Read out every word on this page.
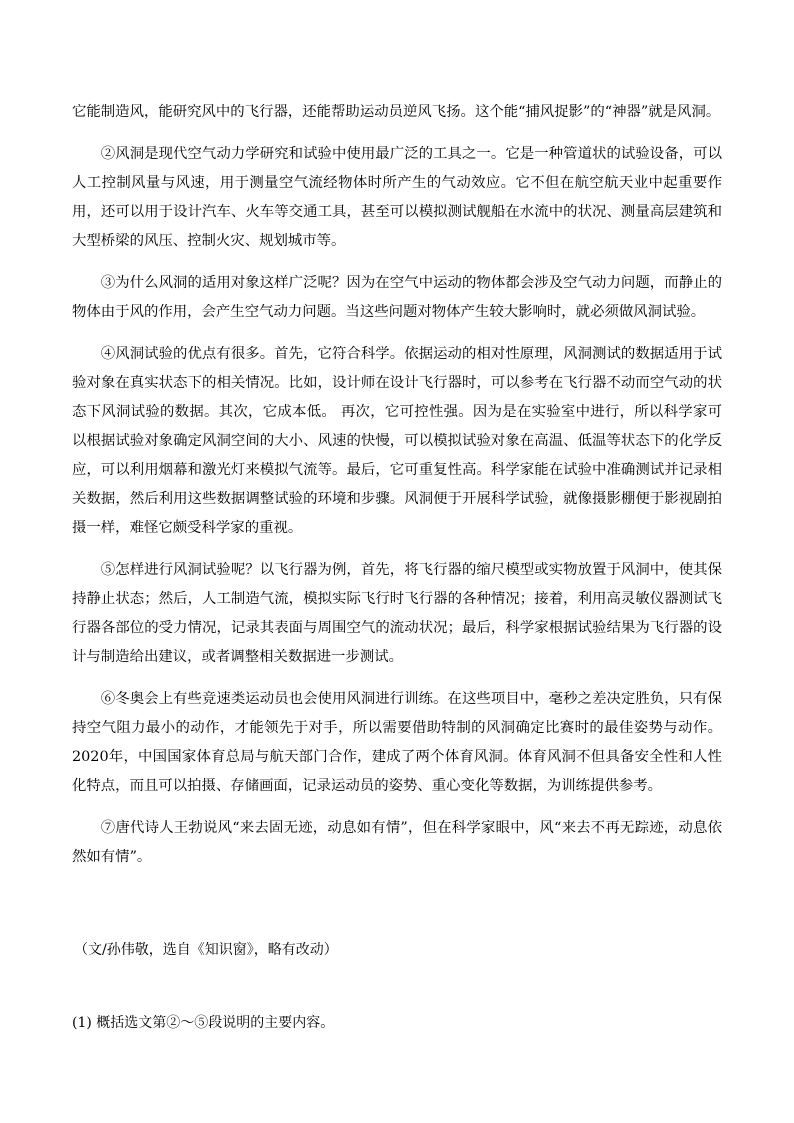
它能制造风，能研究风中的飞行器，还能帮助运动员逆风飞扬。这个能“捕风捉影”的“神器”就是风洞。

②风洞是现代空气动力学研究和试验中使用最广泛的工具之一。它是一种管道状的试验设备，可以人工控制风量与风速，用于测量空气流经物体时所产生的气动效应。它不但在航空航天业中起重要作用，还可以用于设计汽车、火车等交通工具，甚至可以模拟测试舰船在水流中的状况、测量高层建筑和大型桥梁的风压、控制火灾、规划城市等。

③为什么风洞的适用对象这样广泛呢？因为在空气中运动的物体都会涉及空气动力问题，而静止的物体由于风的作用，会产生空气动力问题。当这些问题对物体产生较大影响时，就必须做风洞试验。

④风洞试验的优点有很多。首先，它符合科学。依据运动的相对性原理，风洞测试的数据适用于试验对象在真实状态下的相关情况。比如，设计师在设计飞行器时，可以参考在飞行器不动而空气动的状态下风洞试验的数据。其次，它成本低。 再次，它可控性强。因为是在实验室中进行，所以科学家可以根据试验对象确定风洞空间的大小、风速的快慢，可以模拟试验对象在高温、低温等状态下的化学反应，可以利用烟幕和激光灯来模拟气流等。最后，它可重复性高。科学家能在试验中准确测试并记录相关数据，然后利用这些数据调整试验的环境和步骤。风洞便于开展科学试验，就像摄影棚便于影视剧拍摄一样，难怪它颇受科学家的重视。

⑤怎样进行风洞试验呢？以飞行器为例，首先，将飞行器的缩尺模型或实物放置于风洞中，使其保持静止状态；然后，人工制造气流，模拟实际飞行时飞行器的各种情况；接着，利用高灵敏仪器测试飞行器各部位的受力情况，记录其表面与周围空气的流动状况；最后，科学家根据试验结果为飞行器的设计与制造给出建议，或者调整相关数据进一步测试。

⑥冬奥会上有些竞速类运动员也会使用风洞进行训练。在这些项目中，毫秒之差决定胜负，只有保持空气阻力最小的动作，才能领先于对手，所以需要借助特制的风洞确定比赛时的最佳姿势与动作。2020年，中国国家体育总局与航天部门合作，建成了两个体育风洞。体育风洞不但具备安全性和人性化特点，而且可以拍摄、存储画面，记录运动员的姿势、重心变化等数据，为训练提供参考。

⑦唐代诗人王勃说风“来去固无迹，动息如有情”，但在科学家眼中，风“来去不再无踪迹，动息依然如有情”。

（文/孙伟敬，选自《知识窗》，略有改动）

(1) 概括选文第②～⑤段说明的主要内容。
